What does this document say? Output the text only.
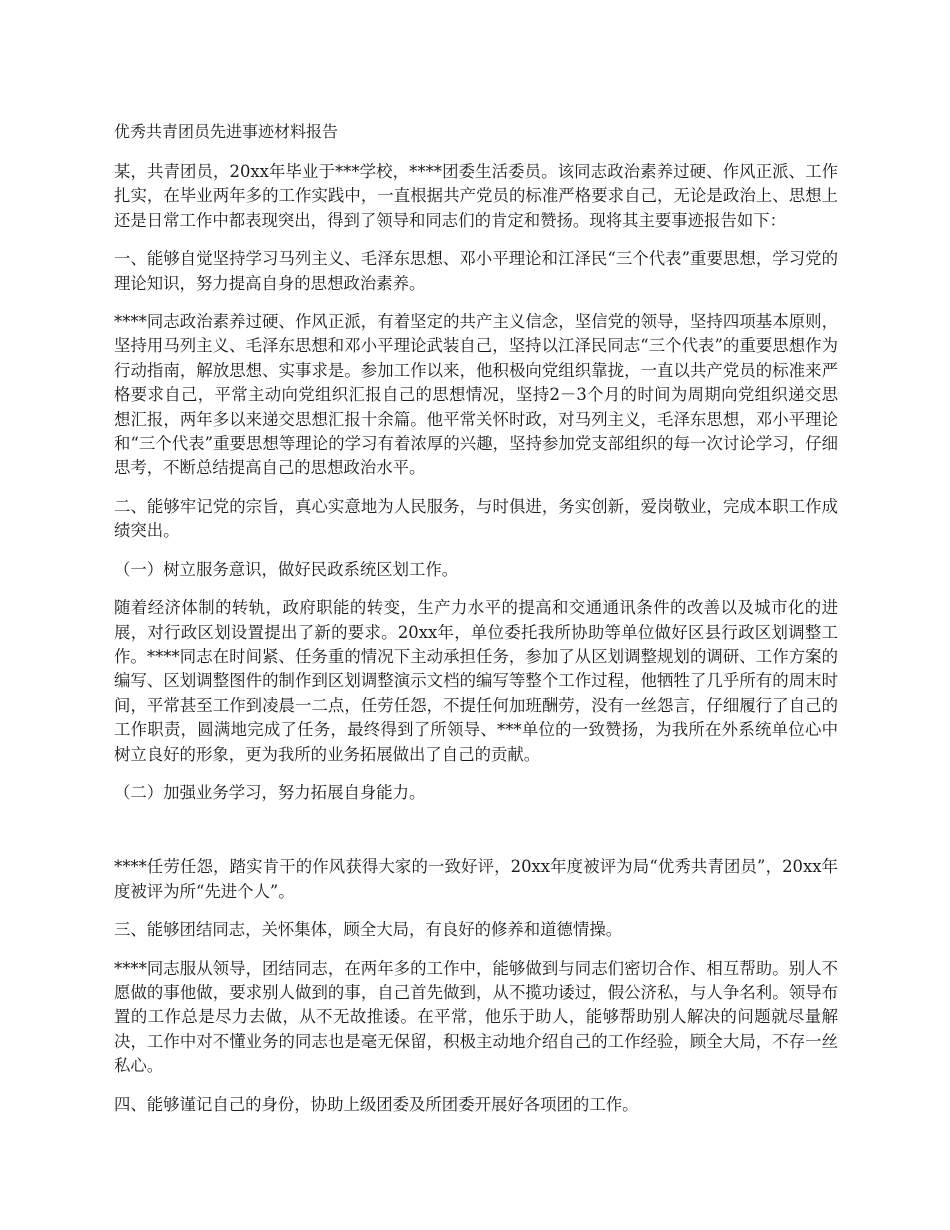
优秀共青团员先进事迹材料报告

某，共青团员，20xx年毕业于***学校，****团委生活委员。该同志政治素养过硬、作风正派、工作扎实，在毕业两年多的工作实践中，一直根据共产党员的标准严格要求自己，无论是政治上、思想上还是日常工作中都表现突出，得到了领导和同志们的肯定和赞扬。现将其主要事迹报告如下：

一、能够自觉坚持学习马列主义、毛泽东思想、邓小平理论和江泽民“三个代表”重要思想，学习党的理论知识，努力提高自身的思想政治素养。

****同志政治素养过硬、作风正派，有着坚定的共产主义信念，坚信党的领导，坚持四项基本原则，坚持用马列主义、毛泽东思想和邓小平理论武装自己，坚持以江泽民同志“三个代表”的重要思想作为行动指南，解放思想、实事求是。参加工作以来，他积极向党组织靠拢，一直以共产党员的标准来严格要求自己，平常主动向党组织汇报自己的思想情况，坚持2－3个月的时间为周期向党组织递交思想汇报，两年多以来递交思想汇报十余篇。他平常关怀时政，对马列主义，毛泽东思想，邓小平理论和“三个代表”重要思想等理论的学习有着浓厚的兴趣，坚持参加党支部组织的每一次讨论学习，仔细思考，不断总结提高自己的思想政治水平。

二、能够牢记党的宗旨，真心实意地为人民服务，与时俱进，务实创新，爱岗敬业，完成本职工作成绩突出。

（一）树立服务意识，做好民政系统区划工作。

随着经济体制的转轨，政府职能的转变，生产力水平的提高和交通通讯条件的改善以及城市化的进展，对行政区划设置提出了新的要求。20xx年，单位委托我所协助等单位做好区县行政区划调整工作。****同志在时间紧、任务重的情况下主动承担任务，参加了从区划调整规划的调研、工作方案的编写、区划调整图件的制作到区划调整演示文档的编写等整个工作过程，他牺牲了几乎所有的周末时间，平常甚至工作到凌晨一二点，任劳任怨，不提任何加班酬劳，没有一丝怨言，仔细履行了自己的工作职责，圆满地完成了任务，最终得到了所领导、***单位的一致赞扬，为我所在外系统单位心中树立良好的形象，更为我所的业务拓展做出了自己的贡献。

（二）加强业务学习，努力拓展自身能力。

****任劳任怨，踏实肯干的作风获得大家的一致好评，20xx年度被评为局“优秀共青团员”，20xx年度被评为所“先进个人”。

三、能够团结同志，关怀集体，顾全大局，有良好的修养和道德情操。

****同志服从领导，团结同志，在两年多的工作中，能够做到与同志们密切合作、相互帮助。别人不愿做的事他做，要求别人做到的事，自己首先做到，从不揽功诿过，假公济私，与人争名利。领导布置的工作总是尽力去做，从不无故推诿。在平常，他乐于助人，能够帮助别人解决的问题就尽量解决，工作中对不懂业务的同志也是毫无保留，积极主动地介绍自己的工作经验，顾全大局，不存一丝私心。

四、能够谨记自己的身份，协助上级团委及所团委开展好各项团的工作。
